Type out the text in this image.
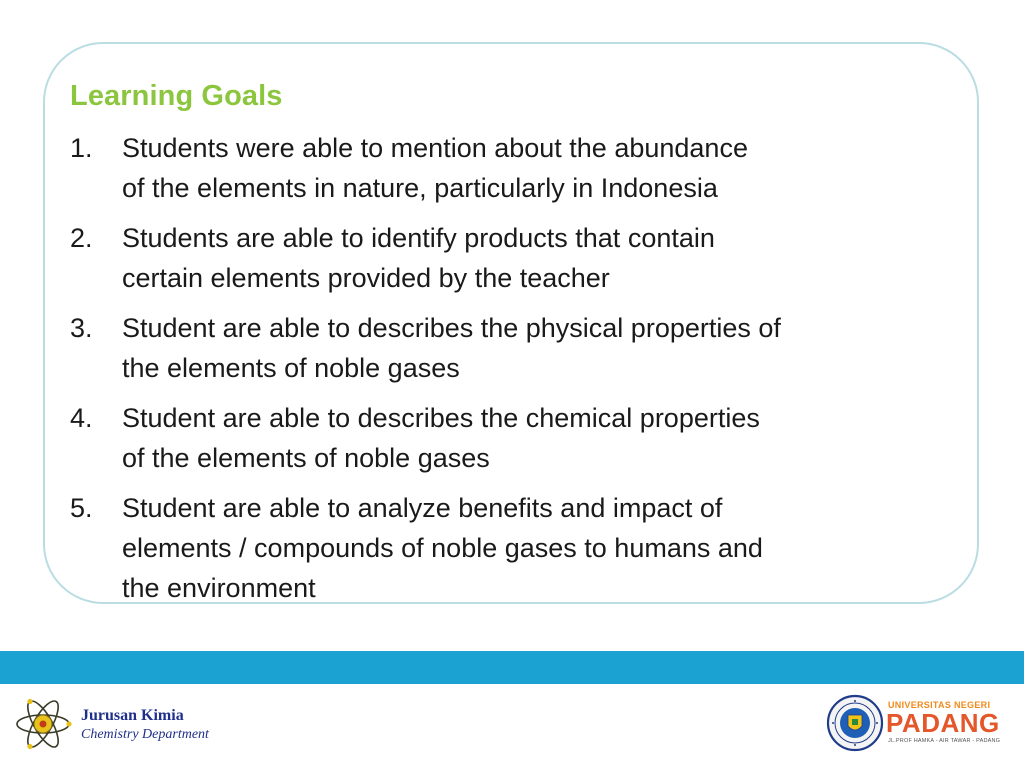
Learning Goals
1.	Students were able to mention about the abundance
of the elements in nature, particularly in Indonesia
2.	Students are able to identify products that contain
certain elements provided by the teacher
3.	Student are able to describes the physical properties of
the elements of noble gases
4.	Student are able to describes the chemical properties
of the elements of noble gases
5.	Student are able to analyze benefits and impact of
elements / compounds of noble gases to humans and
the environment

Jurusan Kimia

Chemistry Department

UNIVERSITAS NEGERI

PADANG

JL.PROF HAMKA - AIR TAWAR - PADANG
